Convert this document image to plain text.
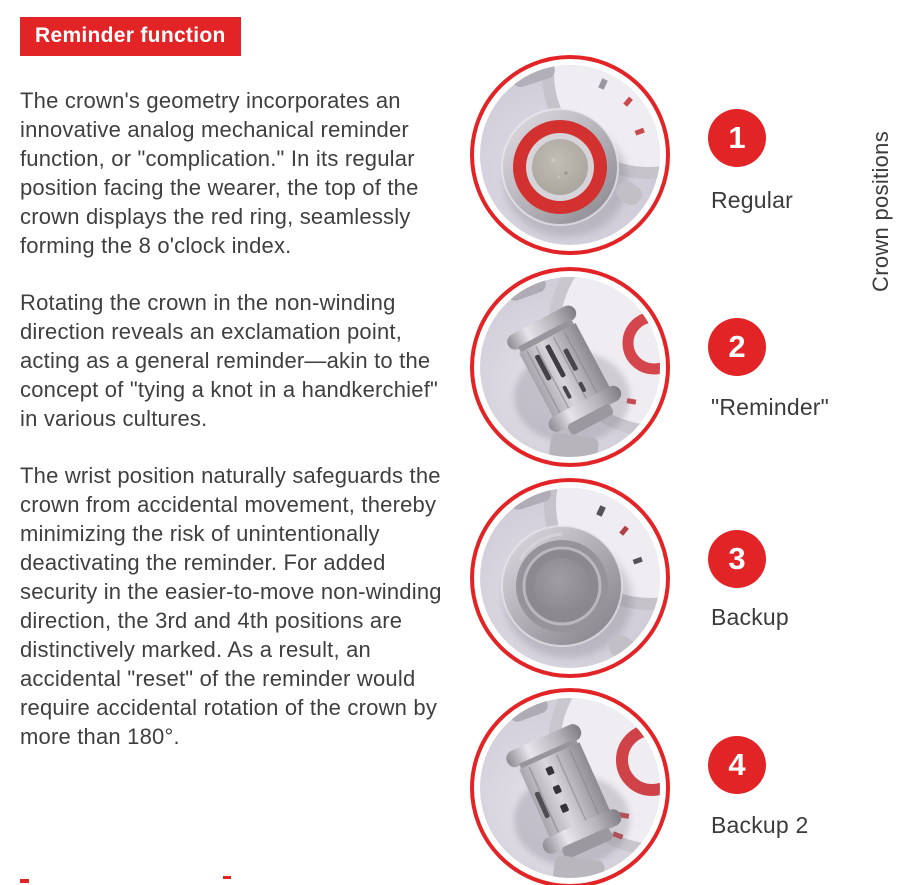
Reminder function

The crown's geometry incorporates an innovative analog mechanical reminder function, or "complication." In its regular position facing the wearer, the top of the crown displays the red ring, seamlessly forming the 8 o'clock index.

Rotating the crown in the non-winding direction reveals an exclamation point, acting as a general reminder—akin to the concept of "tying a knot in a handkerchief" in various cultures.

The wrist position naturally safeguards the crown from accidental movement, thereby minimizing the risk of unintentionally deactivating the reminder. For added security in the easier-to-move non-winding direction, the 3rd and 4th positions are distinctively marked. As a result, an accidental "reset" of the reminder would require accidental rotation of the crown by more than 180°.

1
2
3
4
Regular
"Reminder"
Backup
Backup 2
Crown positions
